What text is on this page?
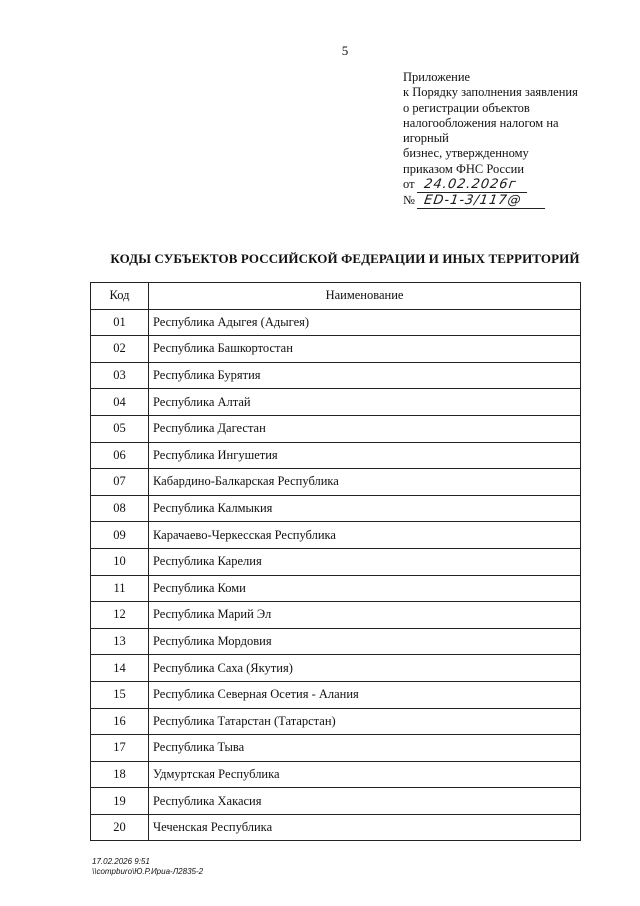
5
Приложение
к Порядку заполнения заявления
о регистрации объектов
налогообложения налогом на
игорный
бизнес, утвержденному
приказом ФНС России
от 24.02.2026г
№ ED-1-3/117@
КОДЫ СУБЪЕКТОВ РОССИЙСКОЙ ФЕДЕРАЦИИ И ИНЫХ ТЕРРИТОРИЙ
Код	Наименование
01	Республика Адыгея (Адыгея)
02	Республика Башкортостан
03	Республика Бурятия
04	Республика Алтай
05	Республика Дагестан
06	Республика Ингушетия
07	Кабардино-Балкарская Республика
08	Республика Калмыкия
09	Карачаево-Черкесская Республика
10	Республика Карелия
11	Республика Коми
12	Республика Марий Эл
13	Республика Мордовия
14	Республика Саха (Якутия)
15	Республика Северная Осетия - Алания
16	Республика Татарстан (Татарстан)
17	Республика Тыва
18	Удмуртская Республика
19	Республика Хакасия
20	Чеченская Республика
17.02.2026 9:51
\\compburo\Ю.Р.Ириа-Л2835-2
